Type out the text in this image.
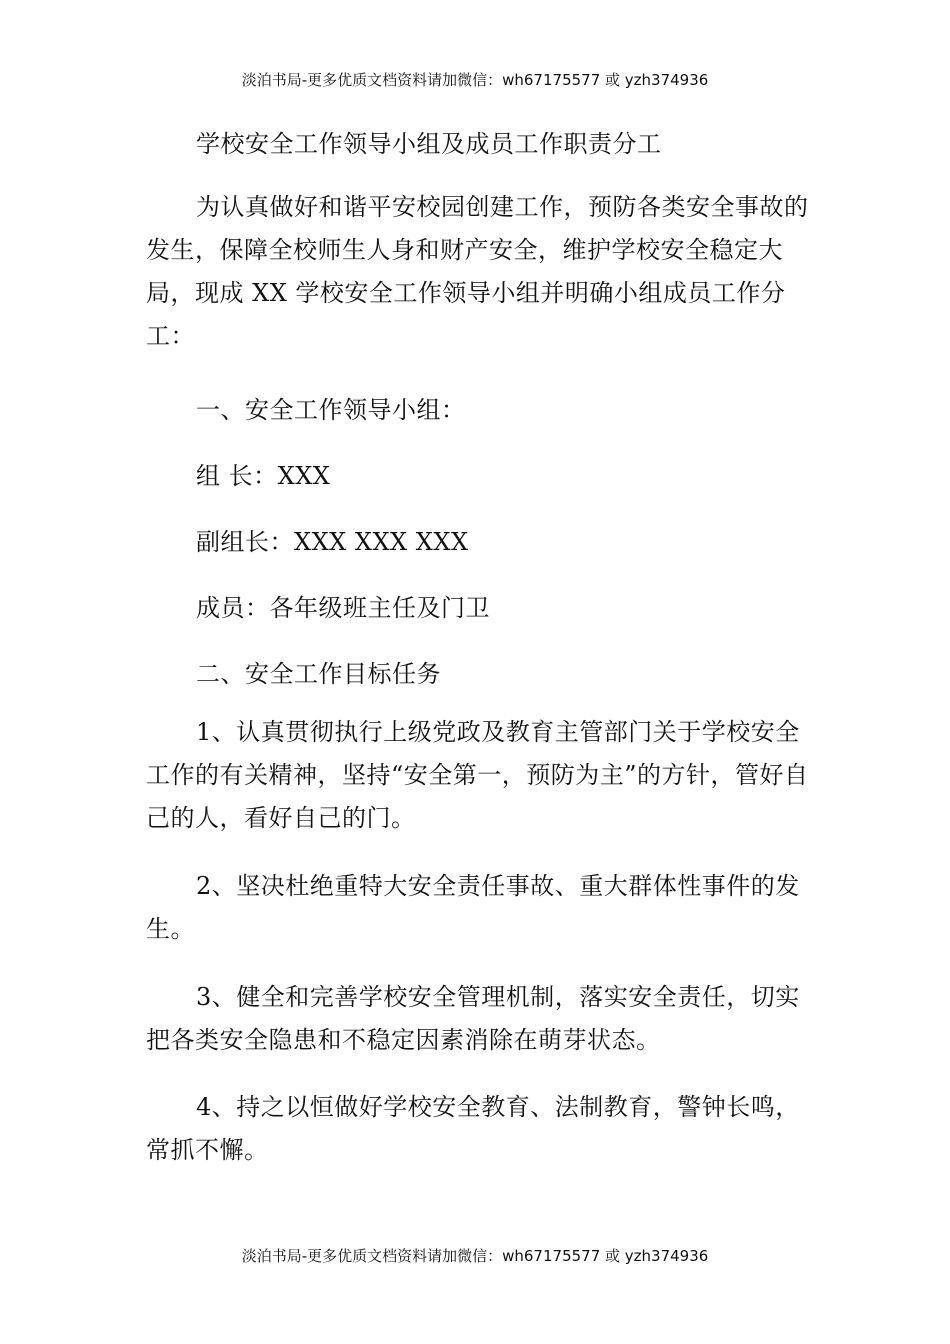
淡泊书局-更多优质文档资料请加微信：wh67175577 或 yzh374936
学校安全工作领导小组及成员工作职责分工
为认真做好和谐平安校园创建工作，预防各类安全事故的发生，保障全校师生人身和财产安全，维护学校安全稳定大局，现成 XX 学校安全工作领导小组并明确小组成员工作分工：
一、安全工作领导小组：
组 长：XXX
副组长：XXX XXX XXX
成员：各年级班主任及门卫
二、安全工作目标任务
1、认真贯彻执行上级党政及教育主管部门关于学校安全工作的有关精神，坚持“安全第一，预防为主”的方针，管好自己的人，看好自己的门。
2、坚决杜绝重特大安全责任事故、重大群体性事件的发生。
3、健全和完善学校安全管理机制，落实安全责任，切实把各类安全隐患和不稳定因素消除在萌芽状态。
4、持之以恒做好学校安全教育、法制教育，警钟长鸣，常抓不懈。
淡泊书局-更多优质文档资料请加微信：wh67175577 或 yzh374936
